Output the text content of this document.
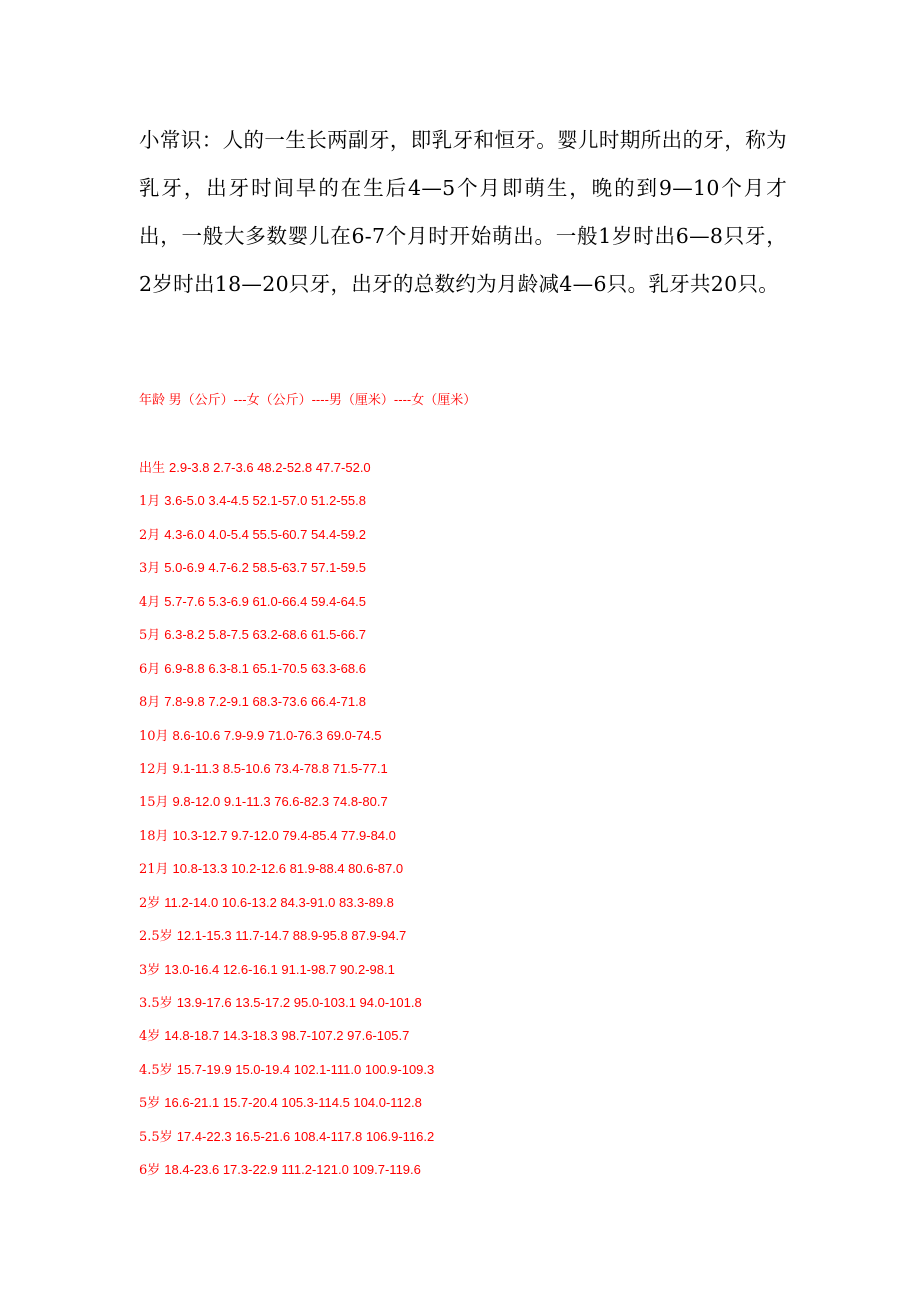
小常识：人的一生长两副牙，即乳牙和恒牙。婴儿时期所出的牙，称为乳牙，出牙时间早的在生后4—5个月即萌生，晚的到9—10个月才出，一般大多数婴儿在6-7个月时开始萌出。一般1岁时出6—8只牙，2岁时出18—20只牙，出牙的总数约为月龄减4—6只。乳牙共20只。

年龄 男（公斤）---女（公斤）----男（厘米）----女（厘米）
出生 2.9-3.8 2.7-3.6 48.2-52.8 47.7-52.0
1月 3.6-5.0 3.4-4.5 52.1-57.0 51.2-55.8
2月 4.3-6.0 4.0-5.4 55.5-60.7 54.4-59.2
3月 5.0-6.9 4.7-6.2 58.5-63.7 57.1-59.5
4月 5.7-7.6 5.3-6.9 61.0-66.4 59.4-64.5
5月 6.3-8.2 5.8-7.5 63.2-68.6 61.5-66.7
6月 6.9-8.8 6.3-8.1 65.1-70.5 63.3-68.6
8月 7.8-9.8 7.2-9.1 68.3-73.6 66.4-71.8
10月 8.6-10.6 7.9-9.9 71.0-76.3 69.0-74.5
12月 9.1-11.3 8.5-10.6 73.4-78.8 71.5-77.1
15月 9.8-12.0 9.1-11.3 76.6-82.3 74.8-80.7
18月 10.3-12.7 9.7-12.0 79.4-85.4 77.9-84.0
21月 10.8-13.3 10.2-12.6 81.9-88.4 80.6-87.0
2岁 11.2-14.0 10.6-13.2 84.3-91.0 83.3-89.8
2.5岁 12.1-15.3 11.7-14.7 88.9-95.8 87.9-94.7
3岁 13.0-16.4 12.6-16.1 91.1-98.7 90.2-98.1
3.5岁 13.9-17.6 13.5-17.2 95.0-103.1 94.0-101.8
4岁 14.8-18.7 14.3-18.3 98.7-107.2 97.6-105.7
4.5岁 15.7-19.9 15.0-19.4 102.1-111.0 100.9-109.3
5岁 16.6-21.1 15.7-20.4 105.3-114.5 104.0-112.8
5.5岁 17.4-22.3 16.5-21.6 108.4-117.8 106.9-116.2
6岁 18.4-23.6 17.3-22.9 111.2-121.0 109.7-119.6
